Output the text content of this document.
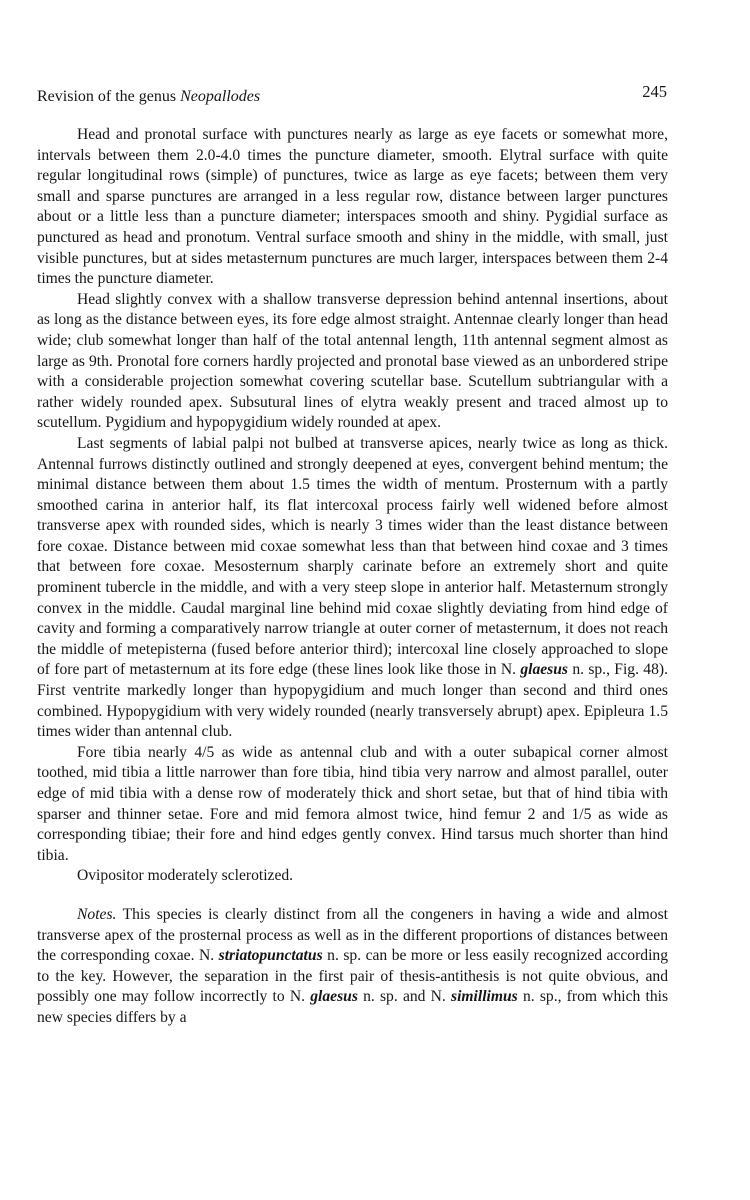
Revision of the genus Neopallodes	245

Head and pronotal surface with punctures nearly as large as eye facets or somewhat more, intervals between them 2.0-4.0 times the puncture diameter, smooth. Elytral surface with quite regular longitudinal rows (simple) of punctures, twice as large as eye facets; between them very small and sparse punctures are arranged in a less regular row, distance between larger punctures about or a little less than a puncture diameter; interspaces smooth and shiny. Pygidial surface as punctured as head and pronotum. Ventral surface smooth and shiny in the middle, with small, just visible punctures, but at sides metasternum punctures are much larger, interspaces between them 2-4 times the puncture diameter.

Head slightly convex with a shallow transverse depression behind antennal insertions, about as long as the distance between eyes, its fore edge almost straight. Antennae clearly longer than head wide; club somewhat longer than half of the total antennal length, 11th antennal segment almost as large as 9th. Pronotal fore corners hardly projected and pronotal base viewed as an unbordered stripe with a considerable projection somewhat covering scutellar base. Scutellum subtriangular with a rather widely rounded apex. Subsutural lines of elytra weakly present and traced almost up to scutellum. Pygidium and hypopygidium widely rounded at apex.

Last segments of labial palpi not bulbed at transverse apices, nearly twice as long as thick. Antennal furrows distinctly outlined and strongly deepened at eyes, convergent behind mentum; the minimal distance between them about 1.5 times the width of mentum. Prosternum with a partly smoothed carina in anterior half, its flat intercoxal process fairly well widened before almost transverse apex with rounded sides, which is nearly 3 times wider than the least distance between fore coxae. Distance between mid coxae somewhat less than that between hind coxae and 3 times that between fore coxae. Mesosternum sharply carinate before an extremely short and quite prominent tubercle in the middle, and with a very steep slope in anterior half. Metasternum strongly convex in the middle. Caudal marginal line behind mid coxae slightly deviating from hind edge of cavity and forming a comparatively narrow triangle at outer corner of metasternum, it does not reach the middle of metepisterna (fused before anterior third); intercoxal line closely approached to slope of fore part of metasternum at its fore edge (these lines look like those in N. glaesus n. sp., Fig. 48). First ventrite markedly longer than hypopygidium and much longer than second and third ones combined. Hypopygidium with very widely rounded (nearly transversely abrupt) apex. Epipleura 1.5 times wider than antennal club.

Fore tibia nearly 4/5 as wide as antennal club and with a outer subapical corner almost toothed, mid tibia a little narrower than fore tibia, hind tibia very narrow and almost parallel, outer edge of mid tibia with a dense row of moderately thick and short setae, but that of hind tibia with sparser and thinner setae. Fore and mid femora almost twice, hind femur 2 and 1/5 as wide as corresponding tibiae; their fore and hind edges gently convex. Hind tarsus much shorter than hind tibia.

Ovipositor moderately sclerotized.

Notes. This species is clearly distinct from all the congeners in having a wide and almost transverse apex of the prosternal process as well as in the different proportions of distances between the corresponding coxae. N. striatopunctatus n. sp. can be more or less easily recognized according to the key. However, the separation in the first pair of thesis-antithesis is not quite obvious, and possibly one may follow incorrectly to N. glaesus n. sp. and N. simillimus n. sp., from which this new species differs by a
